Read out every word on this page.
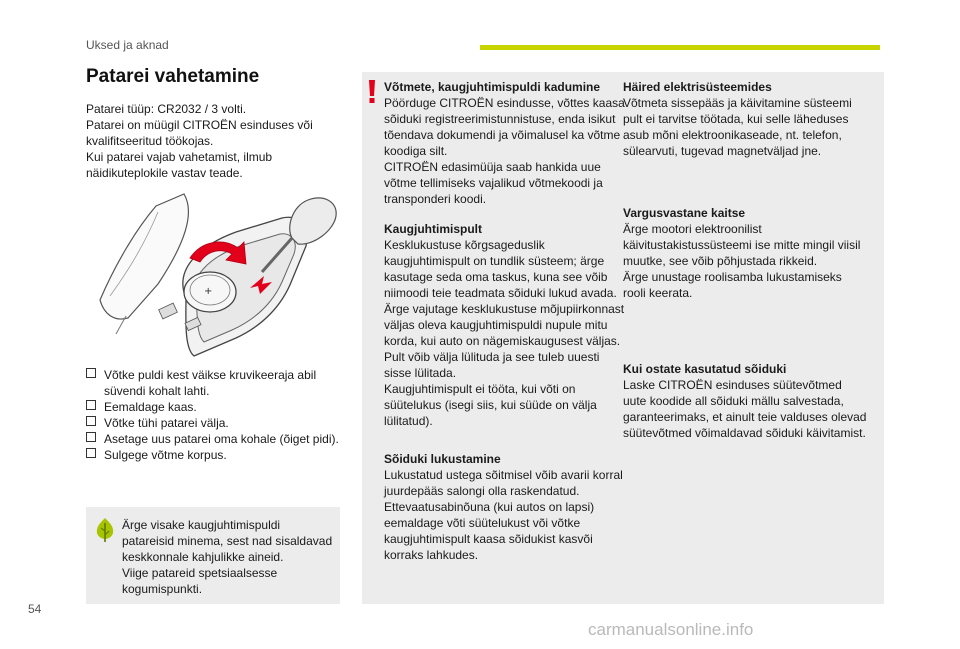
Uksed ja aknad
Patarei vahetamine
Patarei tüüp: CR2032 / 3 volti.
Patarei on müügil CITROËN esinduses või
kvalifitseeritud töökojas.
Kui patarei vajab vahetamist, ilmub
näidikuteplokile vastav teade.
+
Võtke puldi kest väikse kruvikeeraja abil
süvendi kohalt lahti.
Eemaldage kaas.
Võtke tühi patarei välja.
Asetage uus patarei oma kohale (õiget pidi).
Sulgege võtme korpus.
Ärge visake kaugjuhtimispuldi
patareisid minema, sest nad sisaldavad
keskkonnale kahjulikke aineid.
Viige patareid spetsiaalsesse
kogumispunkti.
Võtmete, kaugjuhtimispuldi kadumine
Pöörduge CITROËN esindusse, võttes kaasa
sõiduki registreerimistunnistuse, enda isikut
tõendava dokumendi ja võimalusel ka võtme
koodiga silt.
CITROËN edasimüüja saab hankida uue
võtme tellimiseks vajalikud võtmekoodi ja
transponderi koodi.
Kaugjuhtimispult
Kesklukustuse kõrgsageduslik
kaugjuhtimispult on tundlik süsteem; ärge
kasutage seda oma taskus, kuna see võib
niimoodi teie teadmata sõiduki lukud avada.
Ärge vajutage kesklukustuse mõjupiirkonnast
väljas oleva kaugjuhtimispuldi nupule mitu
korda, kui auto on nägemiskaugusest väljas.
Pult võib välja lülituda ja see tuleb uuesti
sisse lülitada.
Kaugjuhtimispult ei tööta, kui võti on
süütelukus (isegi siis, kui süüde on välja
lülitatud).
Sõiduki lukustamine
Lukustatud ustega sõitmisel võib avarii korral
juurdepääs salongi olla raskendatud.
Ettevaatusabinõuna (kui autos on lapsi)
eemaldage võti süütelukust või võtke
kaugjuhtimispult kaasa sõidukist kasvõi
korraks lahkudes.
Häired elektrisüsteemides
Võtmeta sissepääs ja käivitamine süsteemi
pult ei tarvitse töötada, kui selle läheduses
asub mõni elektroonikaseade, nt. telefon,
sülearvuti, tugevad magnetväljad jne.
Vargusvastane kaitse
Ärge mootori elektroonilist
käivitustakistussüsteemi ise mitte mingil viisil
muutke, see võib põhjustada rikkeid.
Ärge unustage roolisamba lukustamiseks
rooli keerata.
Kui ostate kasutatud sõiduki
Laske CITROËN esinduses süütevõtmed
uute koodide all sõiduki mällu salvestada,
garanteerimaks, et ainult teie valduses olevad
süütevõtmed võimaldavad sõiduki käivitamist.
54
carmanualsonline.info
